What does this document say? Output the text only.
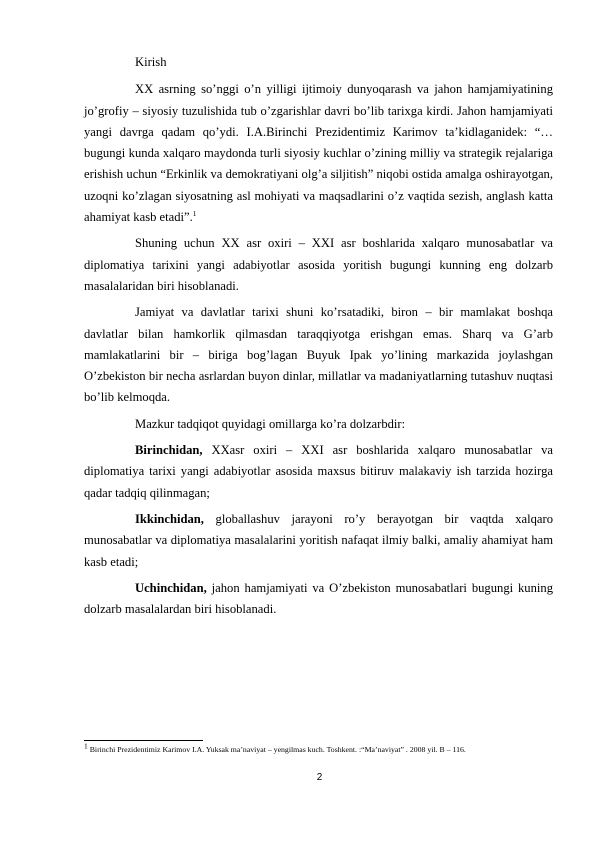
Kirish

XX asrning so’nggi o’n yilligi ijtimoiy dunyoqarash va jahon hamjamiyatining jo’grofiy – siyosiy tuzulishida tub o’zgarishlar davri bo’lib tarixga kirdi. Jahon hamjamiyati yangi davrga qadam qo’ydi. I.A.Birinchi Prezidentimiz Karimov ta’kidlaganidek: “…bugungi kunda xalqaro maydonda turli siyosiy kuchlar o’zining milliy va strategik rejalariga erishish uchun “Erkinlik va demokratiyani olg’a siljitish” niqobi ostida amalga oshirayotgan, uzoqni ko’zlagan siyosatning asl mohiyati va maqsadlarini o’z vaqtida sezish, anglash katta ahamiyat kasb etadi”.$^1$

Shuning uchun XX asr oxiri – XXI asr boshlarida xalqaro munosabatlar va diplomatiya tarixini yangi adabiyotlar asosida yoritish bugungi kunning eng dolzarb masalalaridan biri hisoblanadi.

Jamiyat va davlatlar tarixi shuni ko’rsatadiki, biron – bir mamlakat boshqa davlatlar bilan hamkorlik qilmasdan taraqqiyotga erishgan emas. Sharq va G’arb mamlakatlarini bir – biriga bog’lagan Buyuk Ipak yo’lining markazida joylashgan O’zbekiston bir necha asrlardan buyon dinlar, millatlar va madaniyatlarning tutashuv nuqtasi bo’lib kelmoqda.

Mazkur tadqiqot quyidagi omillarga ko’ra dolzarbdir:

Birinchidan, XXasr oxiri – XXI asr boshlarida xalqaro munosabatlar va diplomatiya tarixi yangi adabiyotlar asosida maxsus bitiruv malakaviy ish tarzida hozirga qadar tadqiq qilinmagan;

Ikkinchidan, globallashuv jarayoni ro’y berayotgan bir vaqtda xalqaro munosabatlar va diplomatiya masalalarini yoritish nafaqat ilmiy balki, amaliy ahamiyat ham kasb etadi;

Uchinchidan, jahon hamjamiyati va O’zbekiston munosabatlari bugungi kuning dolzarb masalalardan biri hisoblanadi.

$^1$ Birinchi Prezidentimiz Karimov I.A. Yuksak ma’naviyat – yengilmas kuch. Toshkent. :“Ma’naviyat” . 2008 yil. B – 116.
2
